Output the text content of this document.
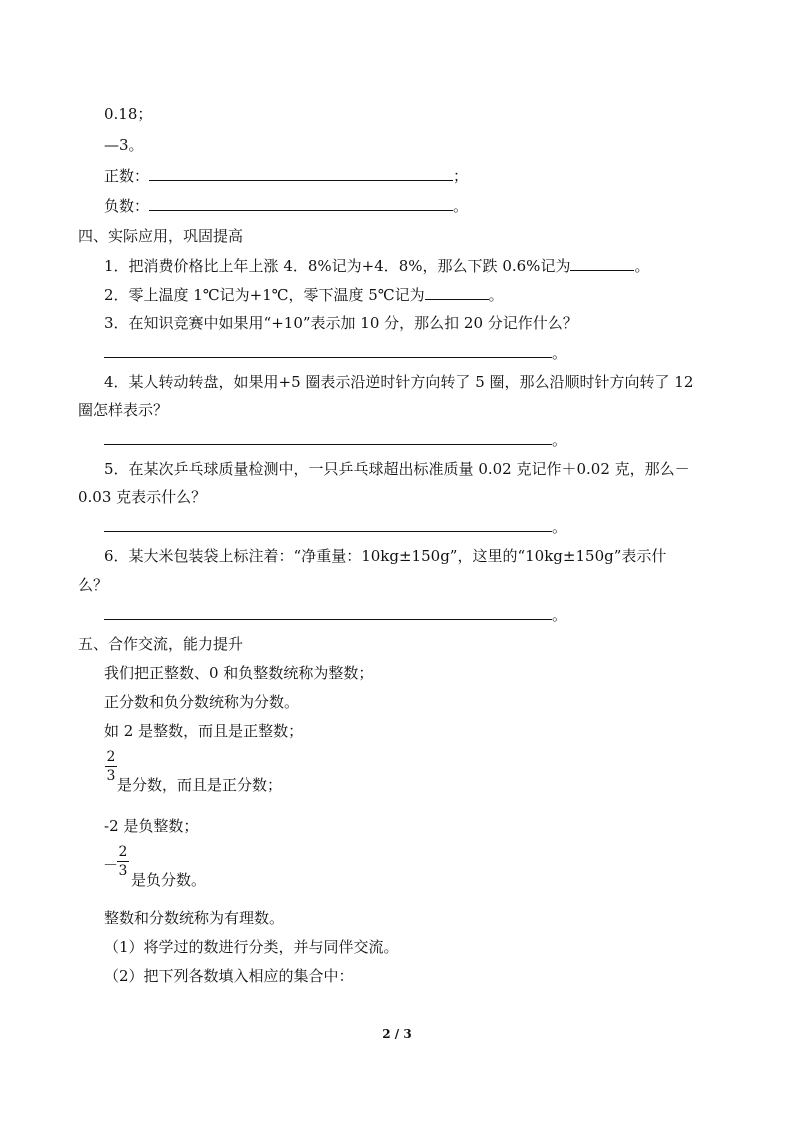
0.18；
—3。
正数：	；
负数：	。
四、实际应用，巩固提高
1．把消费价格比上年上涨 4．8%记为+4．8%，那么下跌 0.6%记为	。
2．零上温度 1℃记为+1℃，零下温度 5℃记为	。
3．在知识竞赛中如果用“+10”表示加 10 分，那么扣 20 分记作什么？
。
4．某人转动转盘，如果用+5 圈表示沿逆时针方向转了 5 圈，那么沿顺时针方向转了 12
圈怎样表示？
。
5．在某次乒乓球质量检测中，一只乒乓球超出标准质量 0.02 克记作＋0.02 克，那么－
0.03 克表示什么？
。
6．某大米包装袋上标注着：“净重量：10kg±150g”，这里的“10kg±150g”表示什
么？
。
五、合作交流，能力提升
我们把正整数、0 和负整数统称为整数；
正分数和负分数统称为分数。
如 2 是整数，而且是正整数；
2
3 是分数，而且是正分数；
-2 是负整数；
－
2
3 是负分数。
整数和分数统称为有理数。
（1）将学过的数进行分类，并与同伴交流。
（2）把下列各数填入相应的集合中：
2 / 3
